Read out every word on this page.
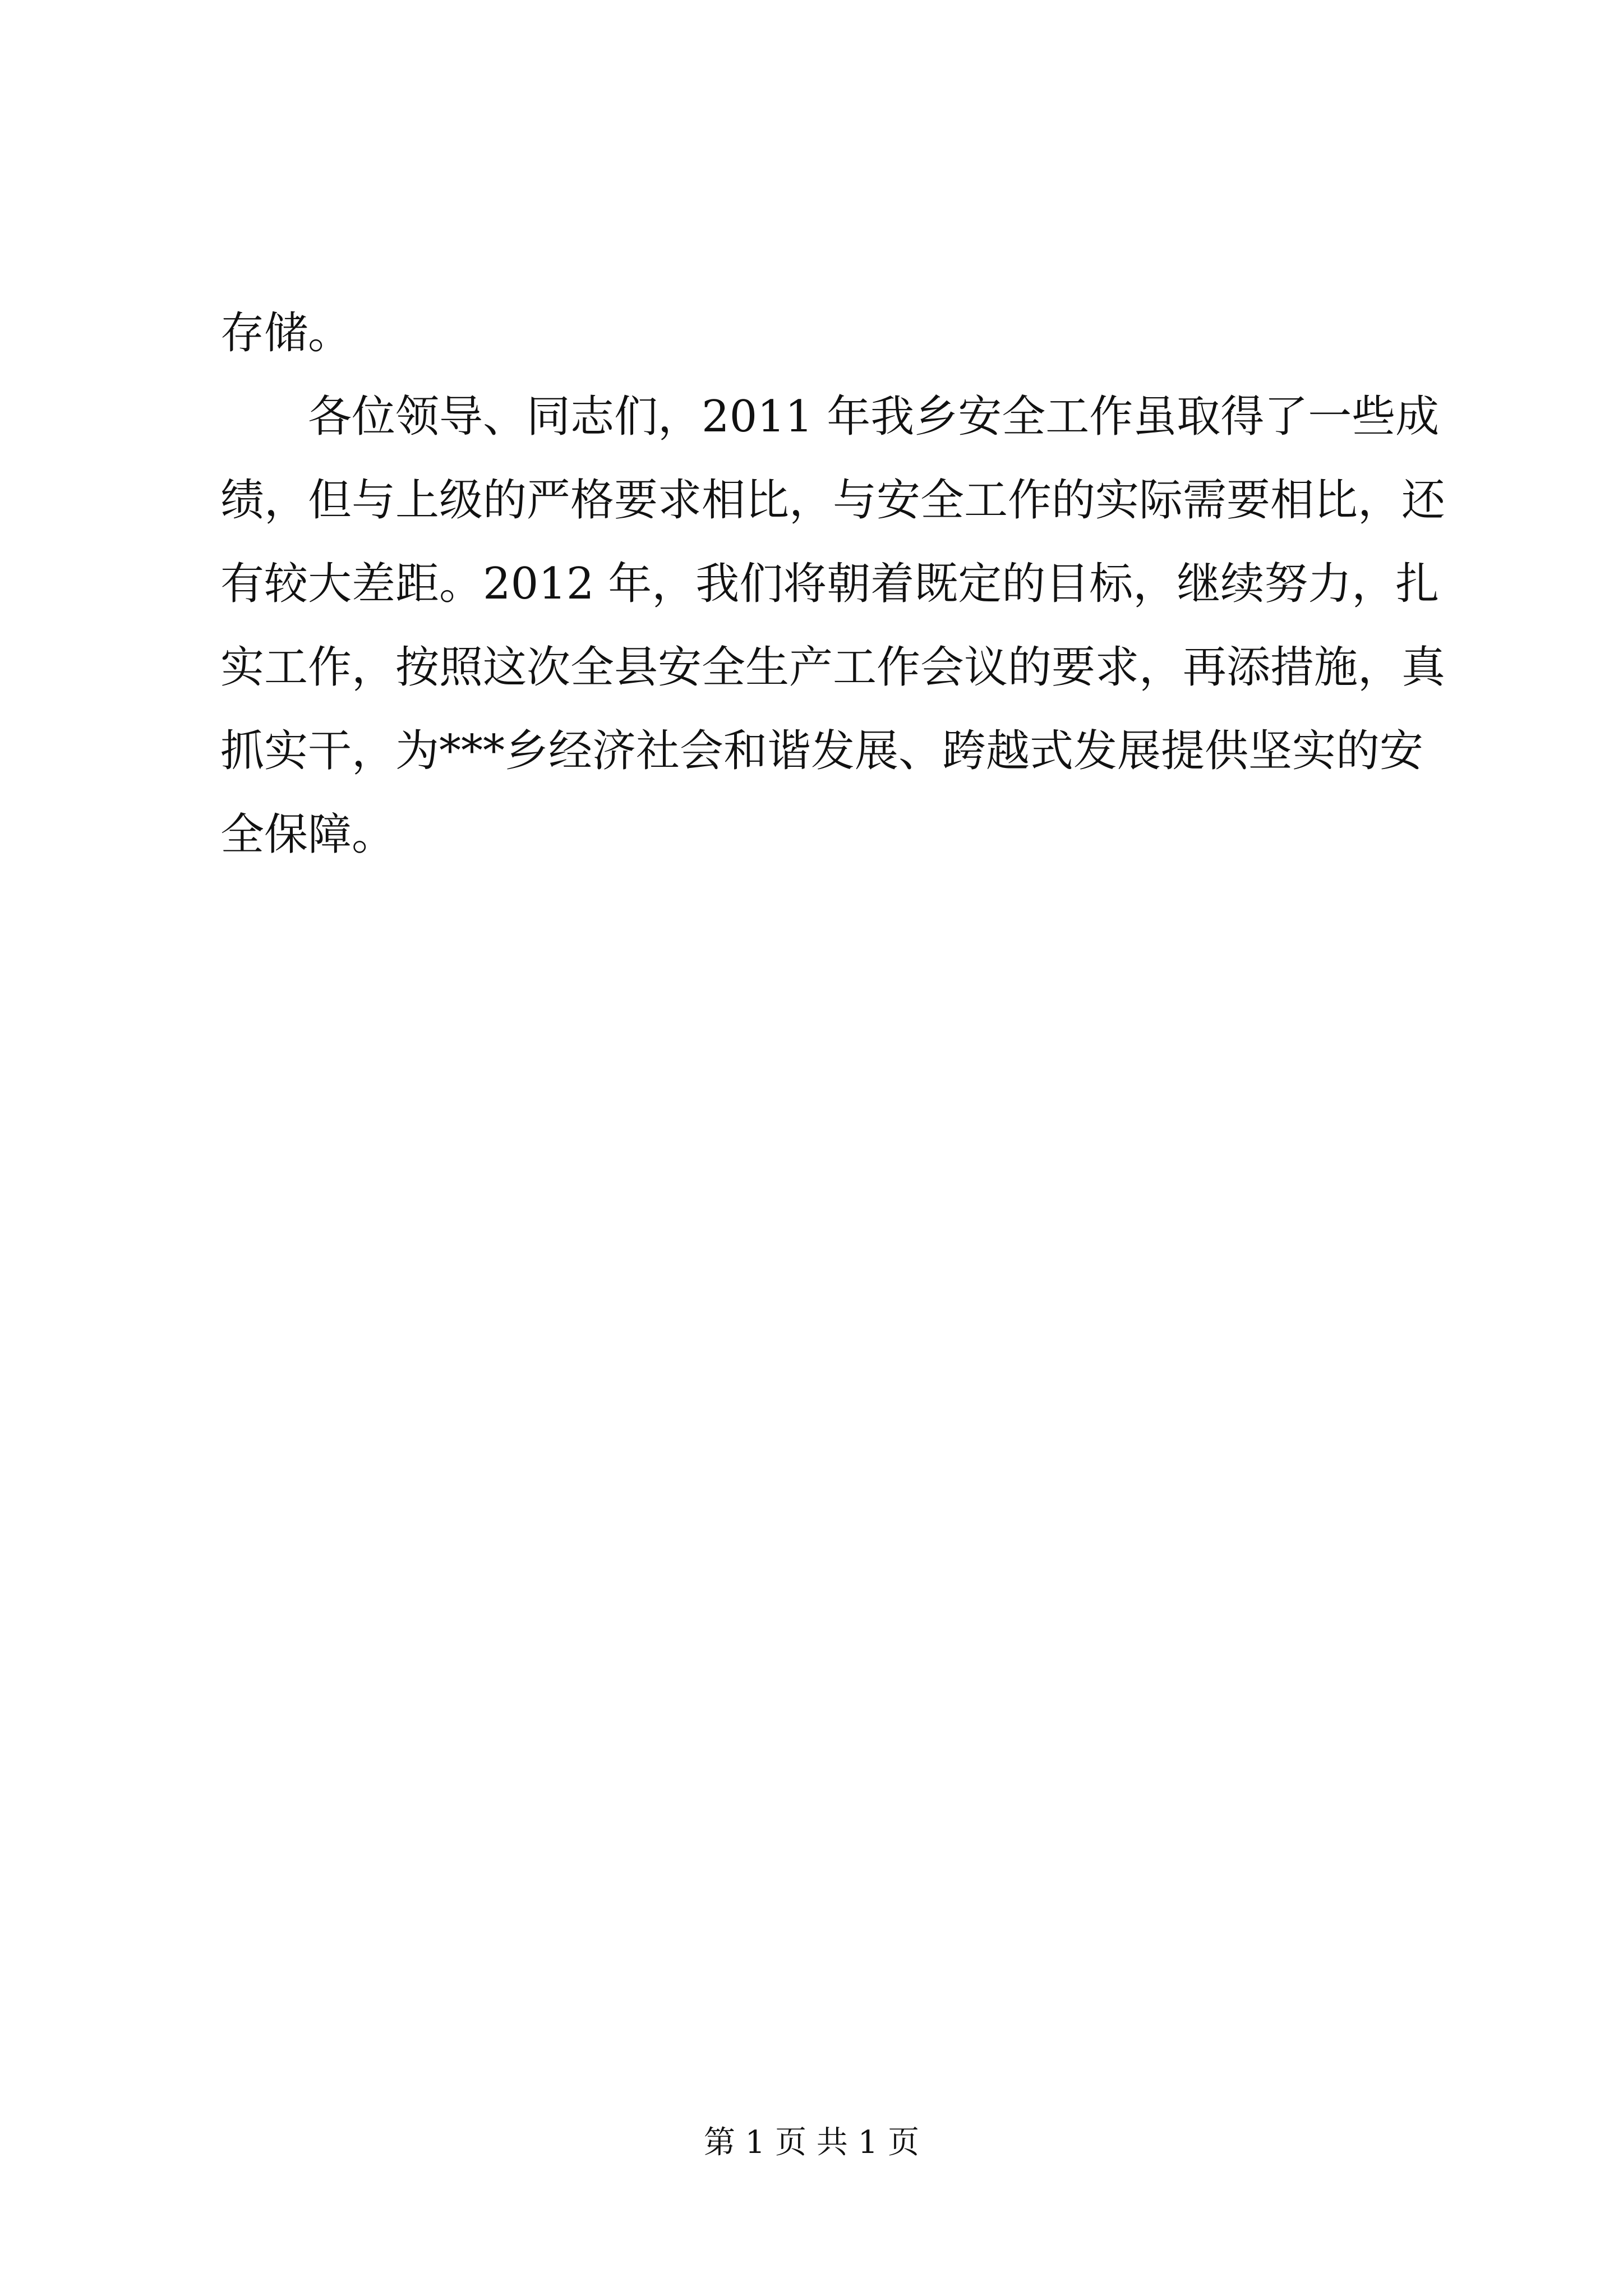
存储。
各位领导、同志们，2011 年我乡安全工作虽取得了一些成
绩，但与上级的严格要求相比，与安全工作的实际需要相比，还
有较大差距。2012 年，我们将朝着既定的目标，继续努力，扎
实工作，按照这次全县安全生产工作会议的要求，再添措施，真
抓实干，为***乡经济社会和谐发展、跨越式发展提供坚实的安
全保障。
第 1 页 共 1 页
